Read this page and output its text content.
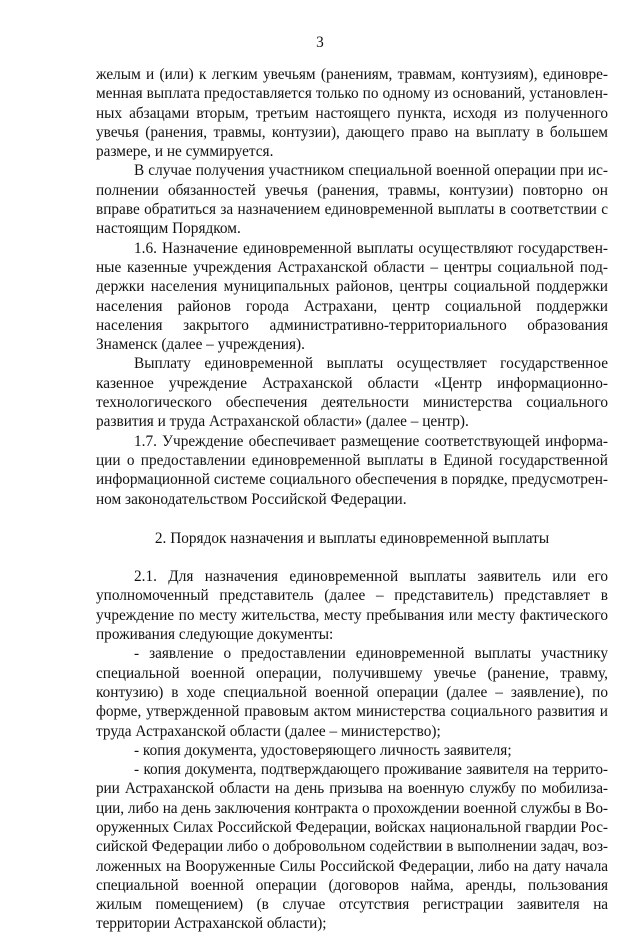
3

желым и (или) к легким увечьям (ранениям, травмам, контузиям), единовременная выплата предоставляется только по одному из оснований, установленных абзацами вторым, третьим настоящего пункта, исходя из полученного увечья (ранения, травмы, контузии), дающего право на выплату в большем размере, и не суммируется.

В случае получения участником специальной военной операции при исполнении обязанностей увечья (ранения, травмы, контузии) повторно он вправе обратиться за назначением единовременной выплаты в соответствии с настоящим Порядком.

1.6. Назначение единовременной выплаты осуществляют государственные казенные учреждения Астраханской области – центры социальной поддержки населения муниципальных районов, центры социальной поддержки населения районов города Астрахани, центр социальной поддержки населения закрытого административно-территориального образования Знаменск (далее – учреждения).

Выплату единовременной выплаты осуществляет государственное казенное учреждение Астраханской области «Центр информационно-технологического обеспечения деятельности министерства социального развития и труда Астраханской области» (далее – центр).

1.7. Учреждение обеспечивает размещение соответствующей информации о предоставлении единовременной выплаты в Единой государственной информационной системе социального обеспечения в порядке, предусмотренном законодательством Российской Федерации.

2. Порядок назначения и выплаты единовременной выплаты

2.1. Для назначения единовременной выплаты заявитель или его уполномоченный представитель (далее – представитель) представляет в учреждение по месту жительства, месту пребывания или месту фактического проживания следующие документы:

- заявление о предоставлении единовременной выплаты участнику специальной военной операции, получившему увечье (ранение, травму, контузию) в ходе специальной военной операции (далее – заявление), по форме, утвержденной правовым актом министерства социального развития и труда Астраханской области (далее – министерство);

- копия документа, удостоверяющего личность заявителя;

- копия документа, подтверждающего проживание заявителя на территории Астраханской области на день призыва на военную службу по мобилизации, либо на день заключения контракта о прохождении военной службы в Вооруженных Силах Российской Федерации, войсках национальной гвардии Российской Федерации либо о добровольном содействии в выполнении задач, возложенных на Вооруженные Силы Российской Федерации, либо на дату начала специальной военной операции (договоров найма, аренды, пользования жилым помещением) (в случае отсутствия регистрации заявителя на территории Астраханской области);
